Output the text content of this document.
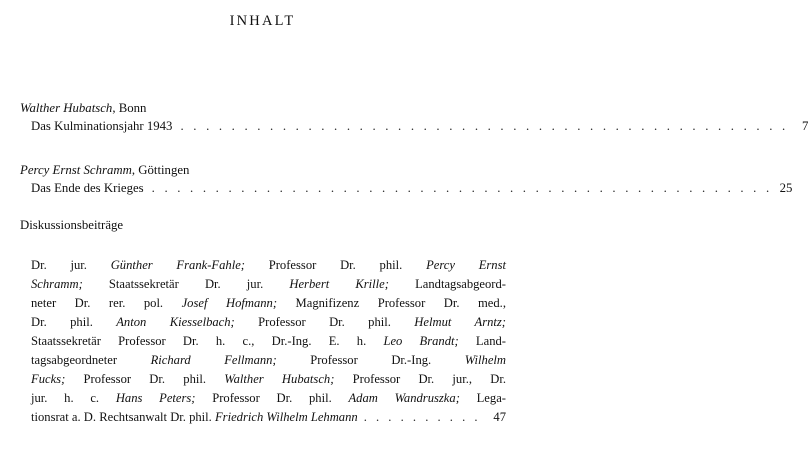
INHALT
Walther Hubatsch, Bonn
Das Kulminationsjahr 1943 . . . . . . . . . . . . . . . . . . . . . . . . . . . . . . . . . . . . . . . . . . . . . . . .	7
Percy Ernst Schramm, Göttingen
Das Ende des Krieges . . . . . . . . . . . . . . . . . . . . . . . . . . . . . . . . . . . . . . . . . . . . . . . . . 25
Diskussionsbeiträge
Dr. jur. Günther Frank-Fahle; Professor Dr. phil. Percy Ernst
Schramm; Staatssekretär Dr. jur. Herbert Krille; Landtagsabgeord-
neter Dr. rer. pol. Josef Hofmann; Magnifizenz Professor Dr. med.,
Dr. phil. Anton Kiesselbach; Professor Dr. phil. Helmut Arntz;
Staatssekretär Professor Dr. h. c., Dr.-Ing. E. h. Leo Brandt; Land-
tagsabgeordneter Richard Fellmann; Professor Dr.-Ing. Wilhelm
Fucks; Professor Dr. phil. Walther Hubatsch; Professor Dr. jur., Dr.
jur. h. c. Hans Peters; Professor Dr. phil. Adam Wandruszka; Lega-
tionsrat a. D. Rechtsanwalt Dr. phil. Friedrich Wilhelm Lehmann . . . . . . . . . .	47
